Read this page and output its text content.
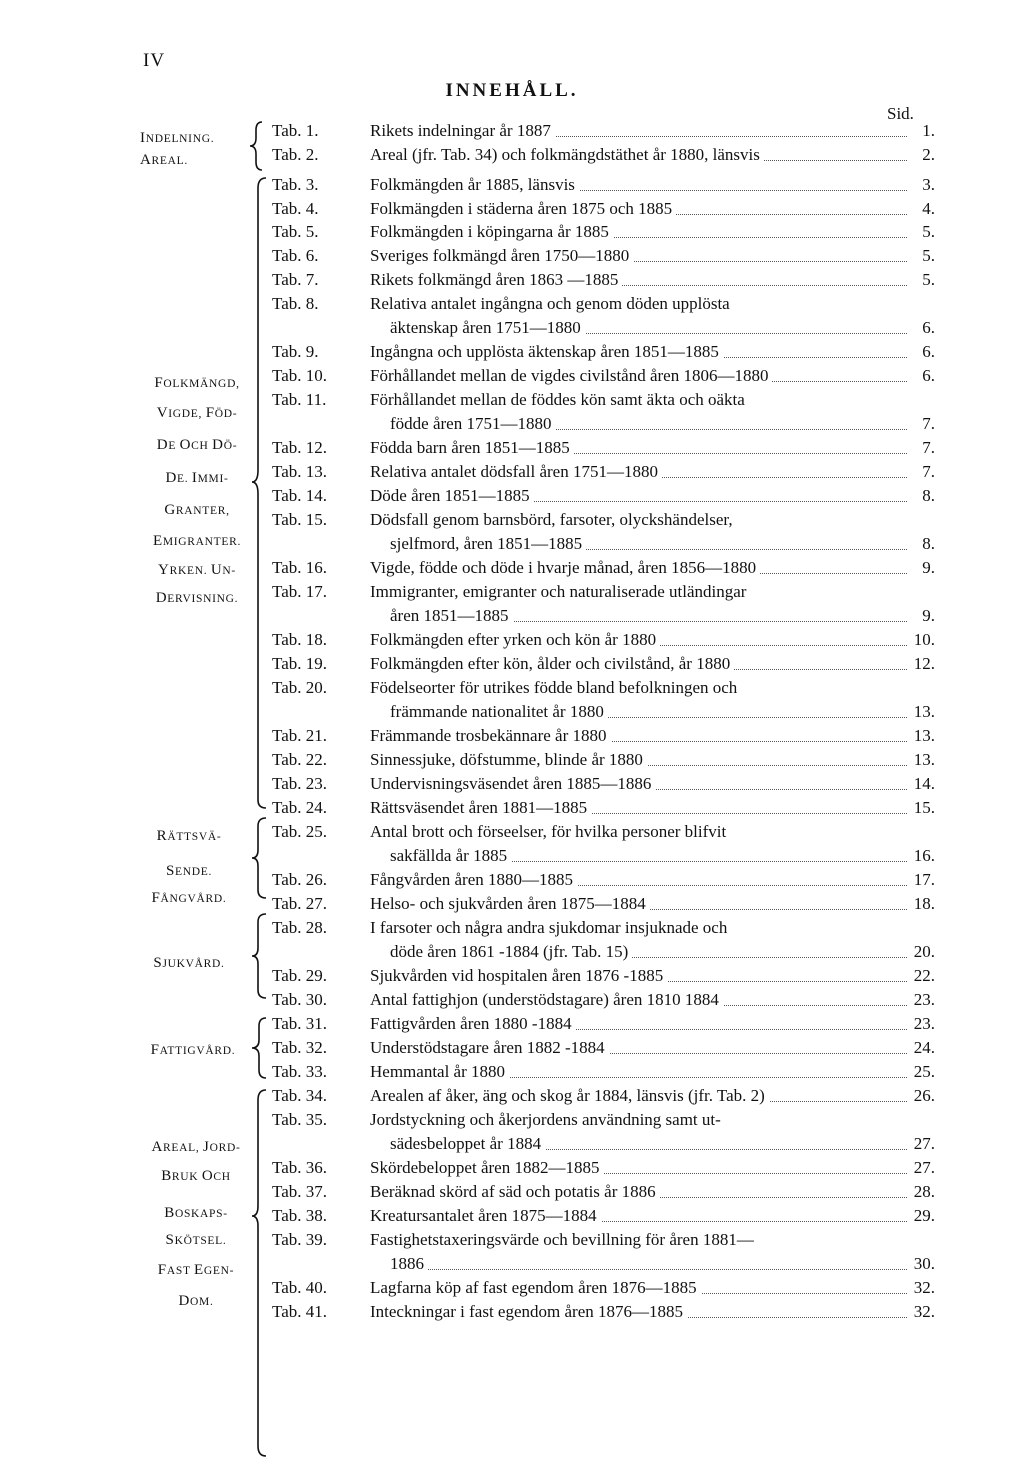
IV
INNEHÅLL.
Sid.
INDELNING.
AREAL.
FOLKMÄNGD,
VIGDE, FÖD-
DE OCH DÖ-
DE. IMMI-
GRANTER,
EMIGRANTER.
YRKEN. UN-
DERVISNING.
RÄTTSVÄ-
SENDE.
FÅNGVÅRD.
SJUKVÅRD.
FATTIGVÅRD.
AREAL, JORD-
BRUK OCH
BOSKAPS-
SKÖTSEL.
FAST EGEN-
DOM.
Tab. 1.	Rikets indelningar år 1887	1.
Tab. 2.	Areal (jfr. Tab. 34) och folkmängdstäthet år 1880, länsvis	2.
Tab. 3.	Folkmängden år 1885, länsvis	3.
Tab. 4.	Folkmängden i städerna åren 1875 och 1885	4.
Tab. 5.	Folkmängden i köpingarna år 1885	5.
Tab. 6.	Sveriges folkmängd åren 1750—1880	5.
Tab. 7.	Rikets folkmängd åren 1863 —1885	5.
Tab. 8.	Relativa antalet ingångna och genom döden upplösta
äktenskap åren 1751—1880	6.
Tab. 9.	Ingångna och upplösta äktenskap åren 1851—1885	6.
Tab. 10.	Förhållandet mellan de vigdes civilstånd åren 1806—1880	6.
Tab. 11.	Förhållandet mellan de föddes kön samt äkta och oäkta
födde åren 1751—1880	7.
Tab. 12.	Födda barn åren 1851—1885	7.
Tab. 13.	Relativa antalet dödsfall åren 1751—1880	7.
Tab. 14.	Döde åren 1851—1885	8.
Tab. 15.	Dödsfall genom barnsbörd, farsoter, olyckshändelser,
sjelfmord, åren 1851—1885	8.
Tab. 16.	Vigde, födde och döde i hvarje månad, åren 1856—1880	9.
Tab. 17.	Immigranter, emigranter och naturaliserade utländingar
åren 1851—1885	9.
Tab. 18.	Folkmängden efter yrken och kön år 1880	10.
Tab. 19.	Folkmängden efter kön, ålder och civilstånd, år 1880	12.
Tab. 20.	Födelseorter för utrikes födde bland befolkningen och
främmande nationalitet år 1880	13.
Tab. 21.	Främmande trosbekännare år 1880	13.
Tab. 22.	Sinnessjuke, döfstumme, blinde år 1880	13.
Tab. 23.	Undervisningsväsendet åren 1885—1886	14.
Tab. 24.	Rättsväsendet åren 1881—1885	15.
Tab. 25.	Antal brott och förseelser, för hvilka personer blifvit
sakfällda år 1885	16.
Tab. 26.	Fångvården åren 1880—1885	17.
Tab. 27.	Helso- och sjukvården åren 1875—1884	18.
Tab. 28.	I farsoter och några andra sjukdomar insjuknade och
döde åren 1861 -1884 (jfr. Tab. 15)	20.
Tab. 29.	Sjukvården vid hospitalen åren 1876 -1885	22.
Tab. 30.	Antal fattighjon (understödstagare) åren 1810 1884	23.
Tab. 31.	Fattigvården åren 1880 -1884	23.
Tab. 32.	Understödstagare åren 1882 -1884	24.
Tab. 33.	Hemmantal år 1880	25.
Tab. 34.	Arealen af åker, äng och skog år 1884, länsvis (jfr. Tab. 2)	26.
Tab. 35.	Jordstyckning och åkerjordens användning samt ut-
sädesbeloppet år 1884	27.
Tab. 36.	Skördebeloppet åren 1882—1885	27.
Tab. 37.	Beräknad skörd af säd och potatis år 1886	28.
Tab. 38.	Kreatursantalet åren 1875—1884	29.
Tab. 39.	Fastighetstaxeringsvärde och bevillning för åren 1881—
1886	30.
Tab. 40.	Lagfarna köp af fast egendom åren 1876—1885	32.
Tab. 41.	Inteckningar i fast egendom åren 1876—1885	32.
